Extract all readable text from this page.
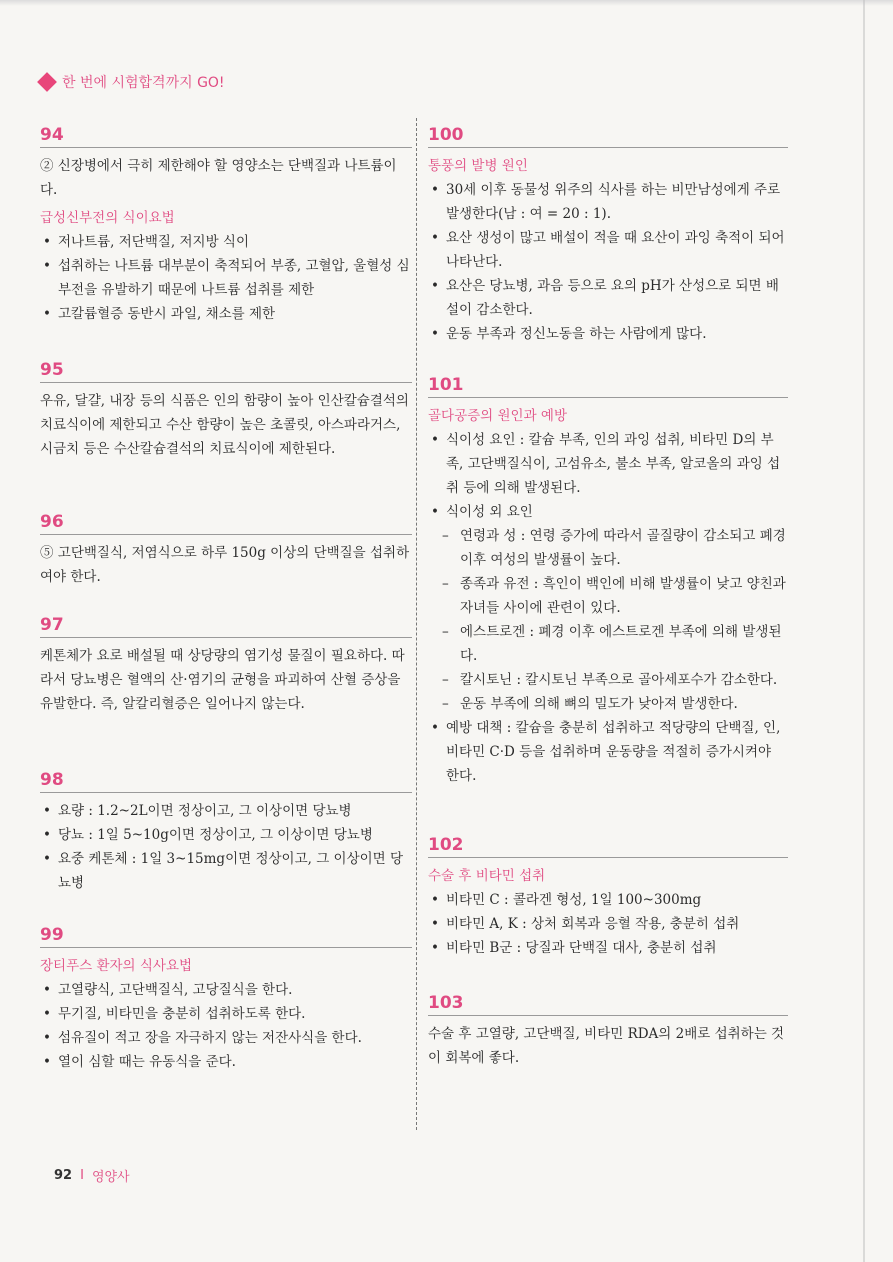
한 번에 시험합격까지 GO!
94

② 신장병에서 극히 제한해야 할 영양소는 단백질과 나트륨이다.

급성신부전의 식이요법
• 저나트륨, 저단백질, 저지방 식이
• 섭취하는 나트륨 대부분이 축적되어 부종, 고혈압, 울혈성 심부전을 유발하기 때문에 나트륨 섭취를 제한
• 고칼륨혈증 동반시 과일, 채소를 제한
95

우유, 달걀, 내장 등의 식품은 인의 함량이 높아 인산칼슘결석의 치료식이에 제한되고 수산 함량이 높은 초콜릿, 아스파라거스, 시금치 등은 수산칼슘결석의 치료식이에 제한된다.

96

⑤ 고단백질식, 저염식으로 하루 150g 이상의 단백질을 섭취하여야 한다.

97

케톤체가 요로 배설될 때 상당량의 염기성 물질이 필요하다. 따라서 당뇨병은 혈액의 산·염기의 균형을 파괴하여 산혈 증상을 유발한다. 즉, 알칼리혈증은 일어나지 않는다.

98
• 요량 : 1.2~2L이면 정상이고, 그 이상이면 당뇨병
• 당뇨 : 1일 5~10g이면 정상이고, 그 이상이면 당뇨병
• 요중 케톤체 : 1일 3~15mg이면 정상이고, 그 이상이면 당뇨병
99
장티푸스 환자의 식사요법
• 고열량식, 고단백질식, 고당질식을 한다.
• 무기질, 비타민을 충분히 섭취하도록 한다.
• 섬유질이 적고 장을 자극하지 않는 저잔사식을 한다.
• 열이 심할 때는 유동식을 준다.
100
통풍의 발병 원인
• 30세 이후 동물성 위주의 식사를 하는 비만남성에게 주로 발생한다(남 : 여 = 20 : 1).
• 요산 생성이 많고 배설이 적을 때 요산이 과잉 축적이 되어 나타난다.
• 요산은 당뇨병, 과음 등으로 요의 pH가 산성으로 되면 배설이 감소한다.
• 운동 부족과 정신노동을 하는 사람에게 많다.
101
골다공증의 원인과 예방
• 식이성 요인 : 칼슘 부족, 인의 과잉 섭취, 비타민 D의 부족, 고단백질식이, 고섬유소, 불소 부족, 알코올의 과잉 섭취 등에 의해 발생된다.
• 식이성 외 요인
– 연령과 성 : 연령 증가에 따라서 골질량이 감소되고 폐경 이후 여성의 발생률이 높다.
– 종족과 유전 : 흑인이 백인에 비해 발생률이 낮고 양친과 자녀들 사이에 관련이 있다.
– 에스트로겐 : 폐경 이후 에스트로겐 부족에 의해 발생된다.
– 칼시토닌 : 칼시토닌 부족으로 골아세포수가 감소한다.
– 운동 부족에 의해 뼈의 밀도가 낮아져 발생한다.
• 예방 대책 : 칼슘을 충분히 섭취하고 적당량의 단백질, 인, 비타민 C·D 등을 섭취하며 운동량을 적절히 증가시켜야 한다.
102
수술 후 비타민 섭취
• 비타민 C : 콜라겐 형성, 1일 100~300mg
• 비타민 A, K : 상처 회복과 응혈 작용, 충분히 섭취
• 비타민 B군 : 당질과 단백질 대사, 충분히 섭취
103

수술 후 고열량, 고단백질, 비타민 RDA의 2배로 섭취하는 것이 회복에 좋다.

92 I 영양사
